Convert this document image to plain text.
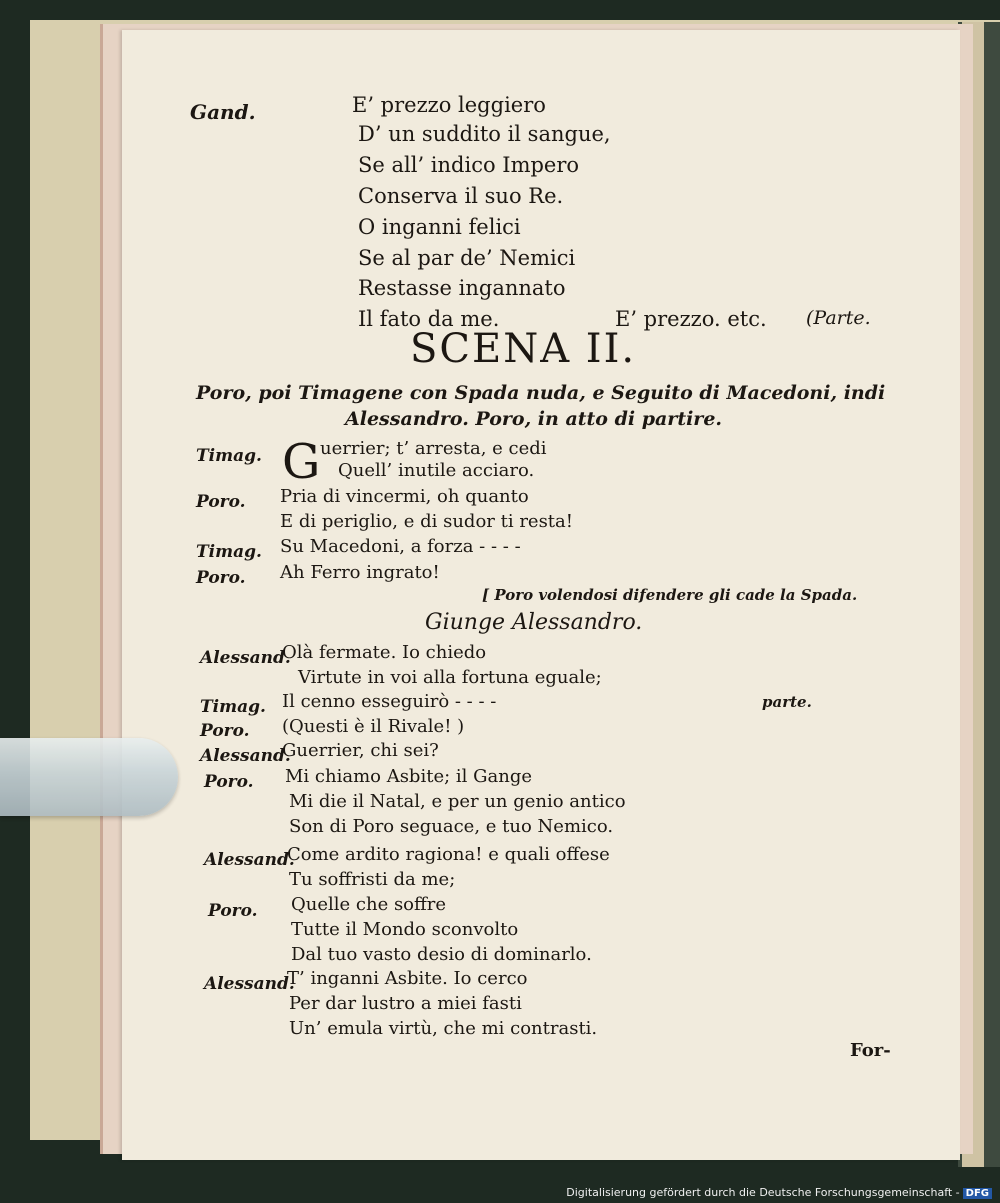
Gand.	E’ prezzo leggiero
D’ un suddito il sangue,
Se all’ indico Impero
Conserva il suo Re.
O inganni felici
Se al par de’ Nemici
Restasse ingannato
Il fato da me.	E’ prezzo. etc. (Parte.
SCENA II.
Poro, poi Timagene con Spada nuda, e Seguito di Macedoni, indi
Alessandro. Poro, in atto di partire.
Timag. G uerrier; t’ arresta, e cedi
Quell’ inutile acciaro.
Poro. Pria di vincermi, oh quanto
E di periglio, e di sudor ti resta!
Timag. Su Macedoni, a forza - - - -
Poro. Ah Ferro ingrato!
[ Poro volendosi difendere gli cade la Spada.
Giunge Alessandro.
Alessand.
Olà fermate. Io chiedo
Virtute in voi alla fortuna eguale;
Timag. Il cenno esseguirò - - - -	parte.
Poro. (Questi è il Rivale! )
Alessand.
Guerrier, chi sei?
Poro. Mi chiamo Asbite; il Gange
Mi die il Natal, e per un genio antico
Son di Poro seguace, e tuo Nemico.
Alessand.
Come ardito ragiona! e quali offese
Tu soffristi da me;
Poro. Quelle che soffre
Tutte il Mondo sconvolto
Dal tuo vasto desio di dominarlo.
Alessand.
T’ inganni Asbite. Io cerco
Per dar lustro a miei fasti
Un’ emula virtù, che mi contrasti.
For-
Digitalisierung gefördert durch die Deutsche Forschungsgemeinschaft - DFG
